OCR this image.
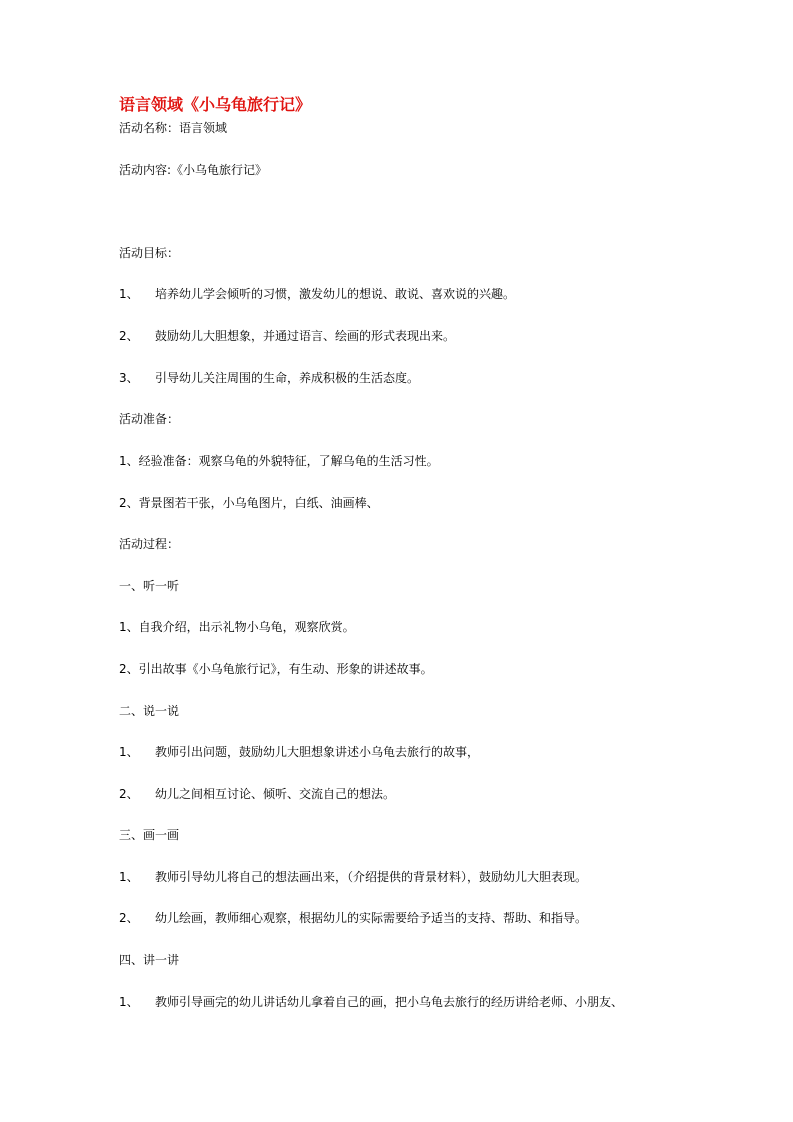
语言领域《小乌龟旅行记》
活动名称：语言领域
活动内容:《小乌龟旅行记》
活动目标：
1、 培养幼儿学会倾听的习惯，激发幼儿的想说、敢说、喜欢说的兴趣。
2、 鼓励幼儿大胆想象，并通过语言、绘画的形式表现出来。
3、 引导幼儿关注周围的生命，养成积极的生活态度。
活动准备：
1、经验准备：观察乌龟的外貌特征，了解乌龟的生活习性。
2、背景图若干张，小乌龟图片，白纸、油画棒、
活动过程：
一、听一听
1、自我介绍，出示礼物小乌龟，观察欣赏。
2、引出故事《小乌龟旅行记》，有生动、形象的讲述故事。
二、说一说
1、 教师引出问题，鼓励幼儿大胆想象讲述小乌龟去旅行的故事，
2、 幼儿之间相互讨论、倾听、交流自己的想法。
三、画一画
1、 教师引导幼儿将自己的想法画出来，（介绍提供的背景材料），鼓励幼儿大胆表现。
2、 幼儿绘画，教师细心观察，根据幼儿的实际需要给予适当的支持、帮助、和指导。
四、讲一讲
1、 教师引导画完的幼儿讲话幼儿拿着自己的画，把小乌龟去旅行的经历讲给老师、小朋友、
